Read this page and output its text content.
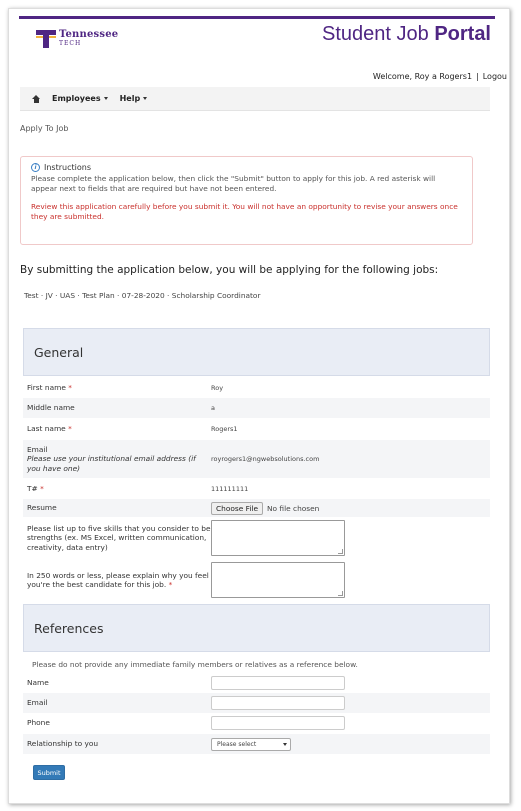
Tennessee
TECH	Student Job Portal
Welcome, Roy a Rogers1 | Logou
Employees Help
Apply To Job
i Instructions

Please complete the application below, then click the "Submit" button to apply for this job. A red asterisk will appear next to fields that are required but have not been entered.

Review this application carefully before you submit it. You will not have an opportunity to revise your answers once they are submitted.

By submitting the application below, you will be applying for the following jobs:
Test · JV · UAS · Test Plan · 07-28-2020 · Scholarship Coordinator
General
First name *	Roy
Middle name	a
Last name *	Rogers1
Email
Please use your institutional email address (if you have one)
royrogers1@ngwebsolutions.com
T# *	111111111
Resume	Choose File	No file chosen
Please list up to five skills that you consider to be strengths (ex. MS Excel, written communication, creativity, data entry)
In 250 words or less, please explain why you feel you're the best candidate for this job. *
References
Please do not provide any immediate family members or relatives as a reference below.
Name
Email
Phone
Relationship to you	Please select
Submit
